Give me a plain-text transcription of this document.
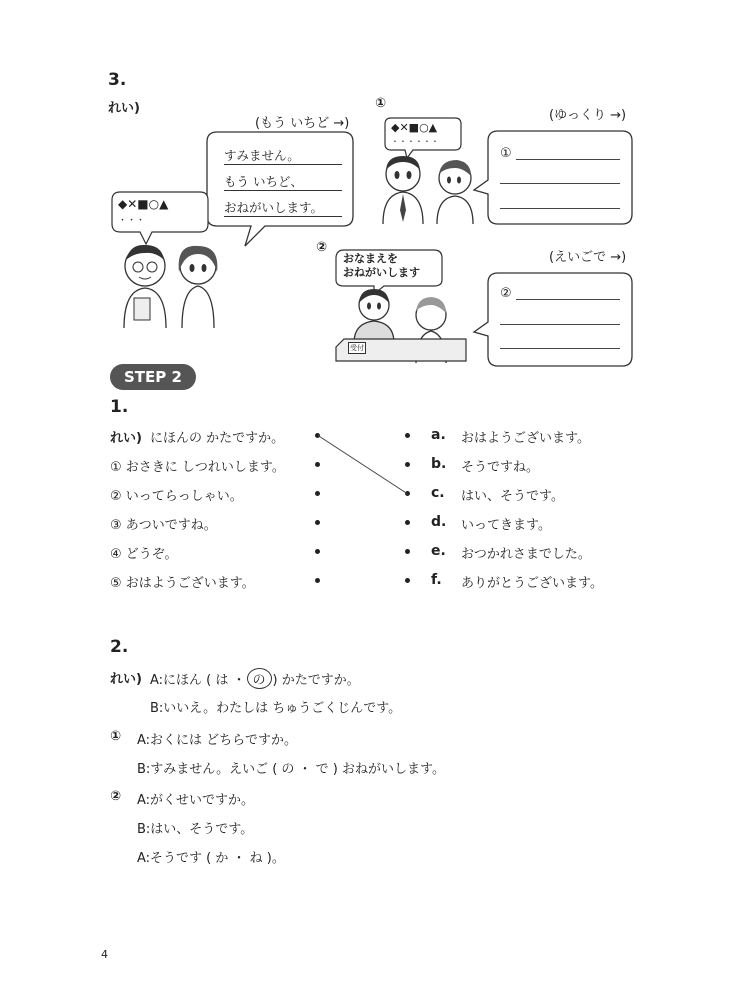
3.
れい)
(もう いちど →)
すみません。
もう いちど、
おねがいします。
◆✕■○▲
・・・
①
(ゆっくり →)
◆✕■○▲
・・・・・・
①
②
(えいごで →)
おなまえを
おねがいします
受付
②
STEP 2
1.
れい) にほんの かたですか。
① おさきに しつれいします。
② いってらっしゃい。
③ あついですね。
④ どうぞ。
⑤ おはようございます。
a. おはようございます。
b. そうですね。
c. はい、そうです。
d. いってきます。
e. おつかれさまでした。
f. ありがとうございます。
2.
れい) A:にほん ( は ・ の ) かたですか。
B:いいえ。わたしは ちゅうごくじんです。
① A:おくには どちらですか。
B:すみません。えいご ( の ・ で ) おねがいします。
② A:がくせいですか。
B:はい、そうです。
A:そうです ( か ・ ね )。
4
